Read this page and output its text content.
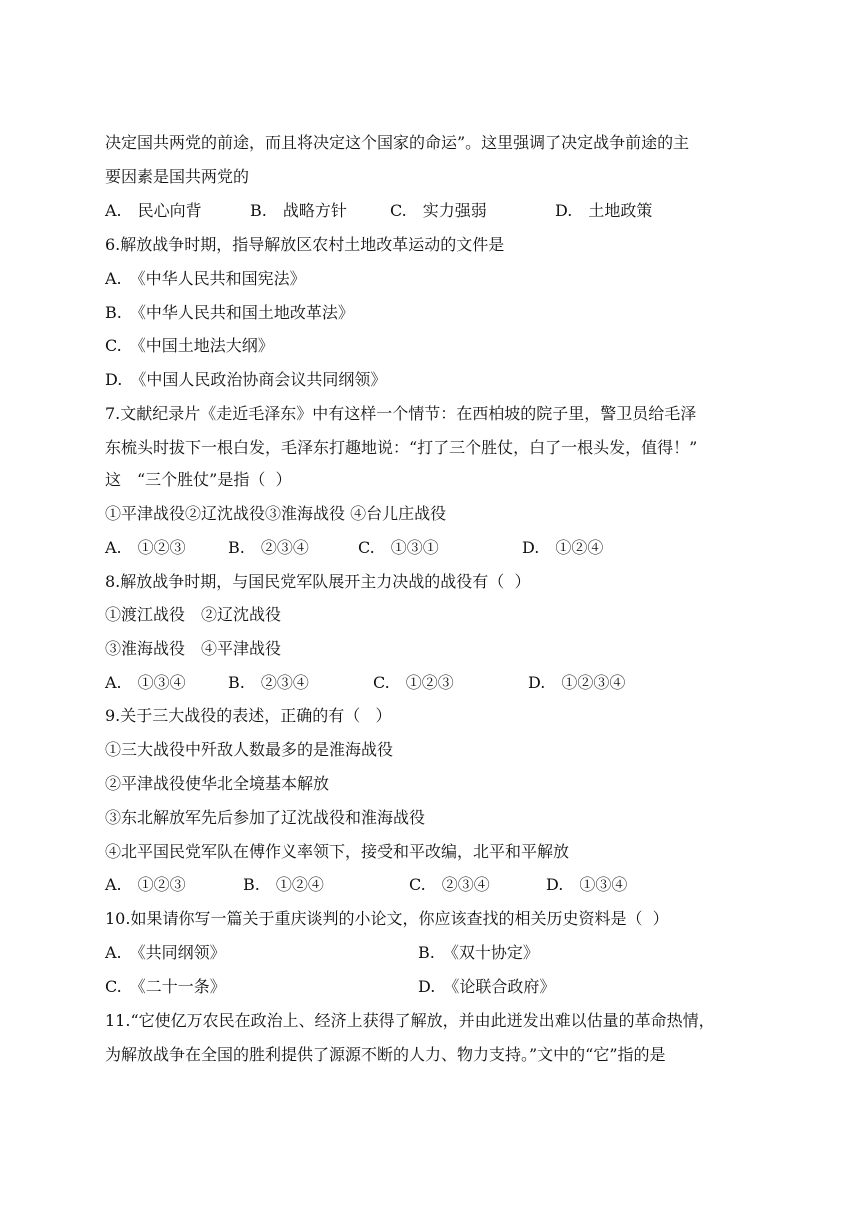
决定国共两党的前途，而且将决定这个国家的命运”。这里强调了决定战争前途的主
要因素是国共两党的
A.　民心向背	B.　战略方针	C.　实力强弱	D.　土地政策
6.解放战争时期，指导解放区农村土地改革运动的文件是
A.　《中华人民共和国宪法》
B.　《中华人民共和国土地改革法》
C.　《中国土地法大纲》
D.　《中国人民政治协商会议共同纲领》
7.文献纪录片《走近毛泽东》中有这样一个情节：在西柏坡的院子里，警卫员给毛泽
东梳头时拔下一根白发，毛泽东打趣地说：“打了三个胜仗，白了一根头发，值得！”
这　“三个胜仗”是指（  ）
①平津战役②辽沈战役③淮海战役 ④台儿庄战役
A.　①②③	B.　②③④	C.　①③①	D.　①②④
8.解放战争时期，与国民党军队展开主力决战的战役有（  ）
①渡江战役　②辽沈战役
③淮海战役　④平津战役
A.　①③④	B.　②③④	C.　①②③	D.　①②③④
9.关于三大战役的表述，正确的有（   ）
①三大战役中歼敌人数最多的是淮海战役
②平津战役使华北全境基本解放
③东北解放军先后参加了辽沈战役和淮海战役
④北平国民党军队在傅作义率领下，接受和平改编，北平和平解放
A.　①②③	B.　①②④	C.　②③④	D.　①③④
10.如果请你写一篇关于重庆谈判的小论文，你应该查找的相关历史资料是（  ）
A.　《共同纲领》	B.　《双十协定》
C.　《二十一条》	D.　《论联合政府》
11.“它使亿万农民在政治上、经济上获得了解放，并由此迸发出难以估量的革命热情，
为解放战争在全国的胜利提供了源源不断的人力、物力支持。”文中的“它”指的是
